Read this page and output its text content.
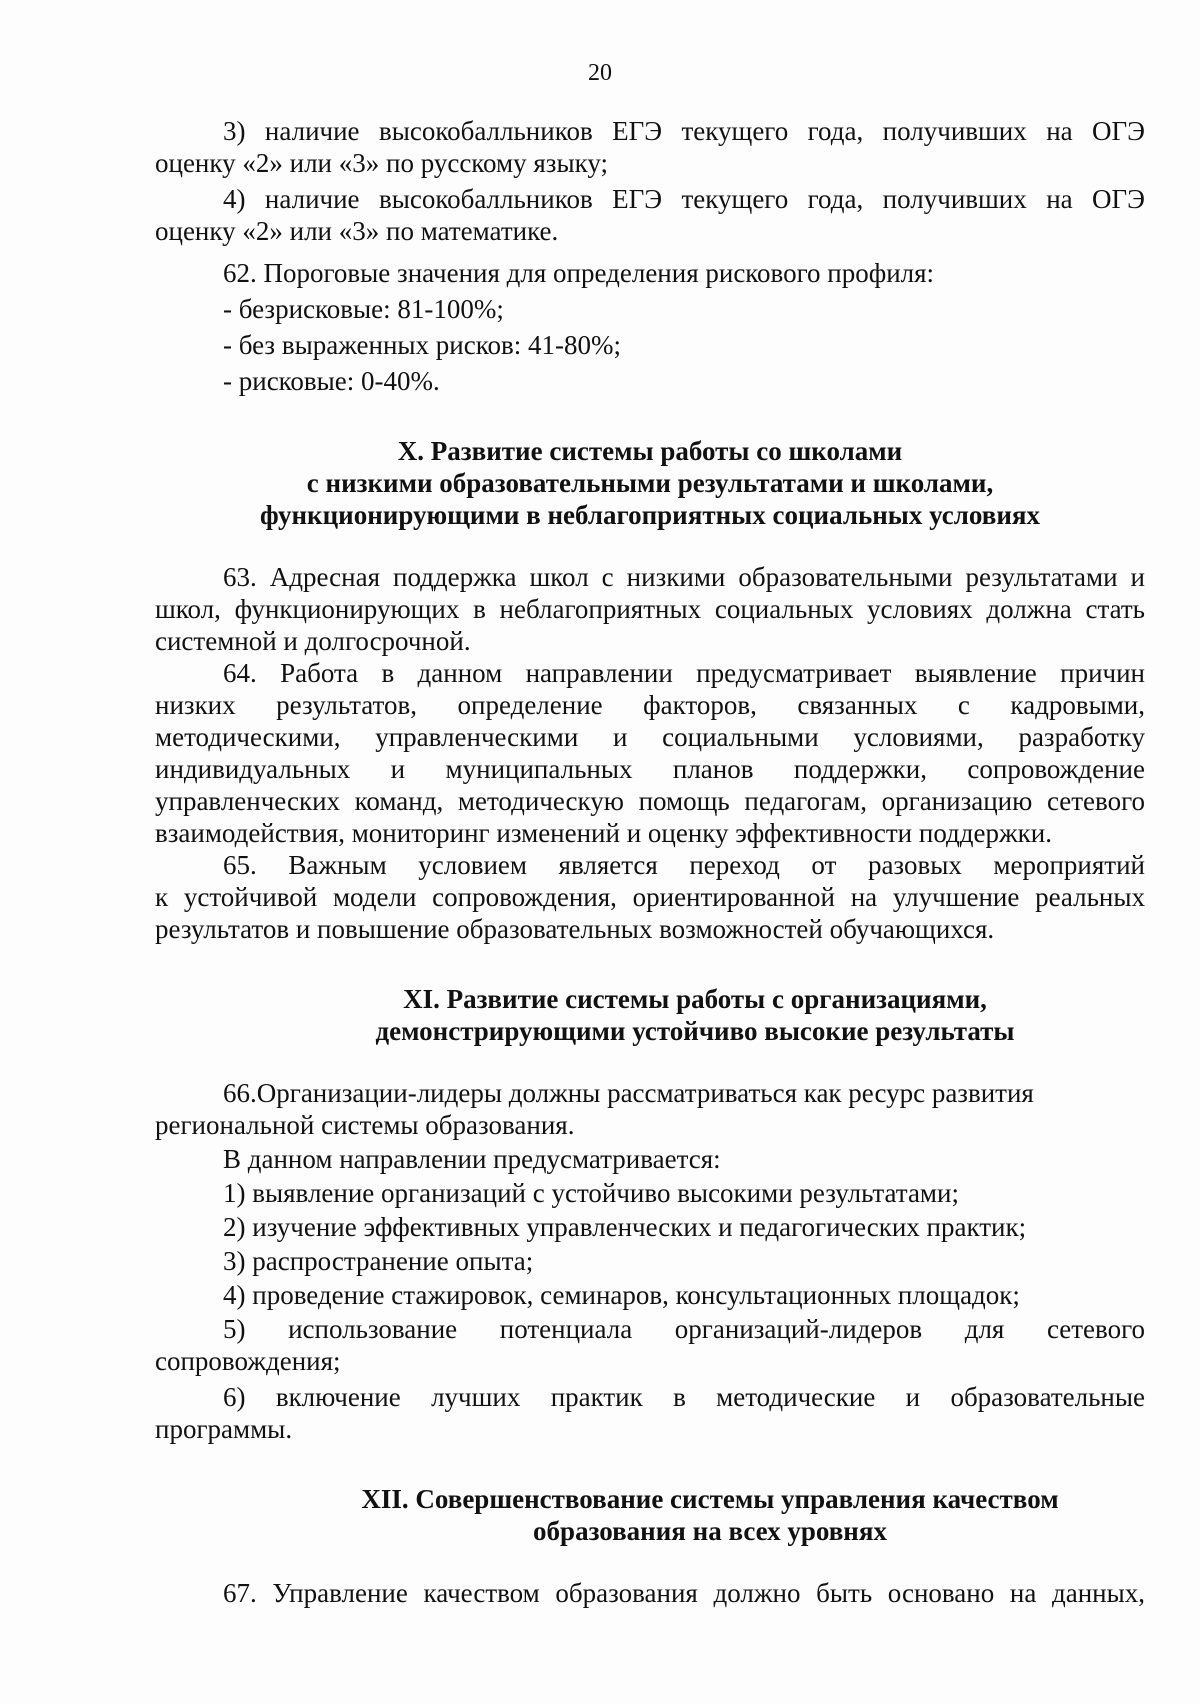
20

3) наличие высокобалльников ЕГЭ текущего года, получивших на ОГЭ

оценку «2» или «3» по русскому языку;

4) наличие высокобалльников ЕГЭ текущего года, получивших на ОГЭ

оценку «2» или «3» по математике.

62. Пороговые значения для определения рискового профиля:

- безрисковые: 81-100%;

- без выраженных рисков: 41-80%;

- рисковые: 0-40%.

X. Развитие системы работы со школами
с низкими образовательными результатами и школами,
функционирующими в неблагоприятных социальных условиях

63. Адресная поддержка школ с низкими образовательными результатами и

школ, функционирующих в неблагоприятных социальных условиях должна стать

системной и долгосрочной.

64. Работа в данном направлении предусматривает выявление причин

низких результатов, определение факторов, связанных с кадровыми,

методическими, управленческими и социальными условиями, разработку

индивидуальных и муниципальных планов поддержки, сопровождение

управленческих команд, методическую помощь педагогам, организацию сетевого

взаимодействия, мониторинг изменений и оценку эффективности поддержки.

65. Важным условием является переход от разовых мероприятий

к устойчивой модели сопровождения, ориентированной на улучшение реальных

результатов и повышение образовательных возможностей обучающихся.

XI. Развитие системы работы с организациями,
демонстрирующими устойчиво высокие результаты

66.Организации-лидеры должны рассматриваться как ресурс развития

региональной системы образования.

В данном направлении предусматривается:

1) выявление организаций с устойчиво высокими результатами;

2) изучение эффективных управленческих и педагогических практик;

3) распространение опыта;

4) проведение стажировок, семинаров, консультационных площадок;

5) использование потенциала организаций-лидеров для сетевого

сопровождения;

6) включение лучших практик в методические и образовательные

программы.

XII. Совершенствование системы управления качеством
образования на всех уровнях

67. Управление качеством образования должно быть основано на данных,
